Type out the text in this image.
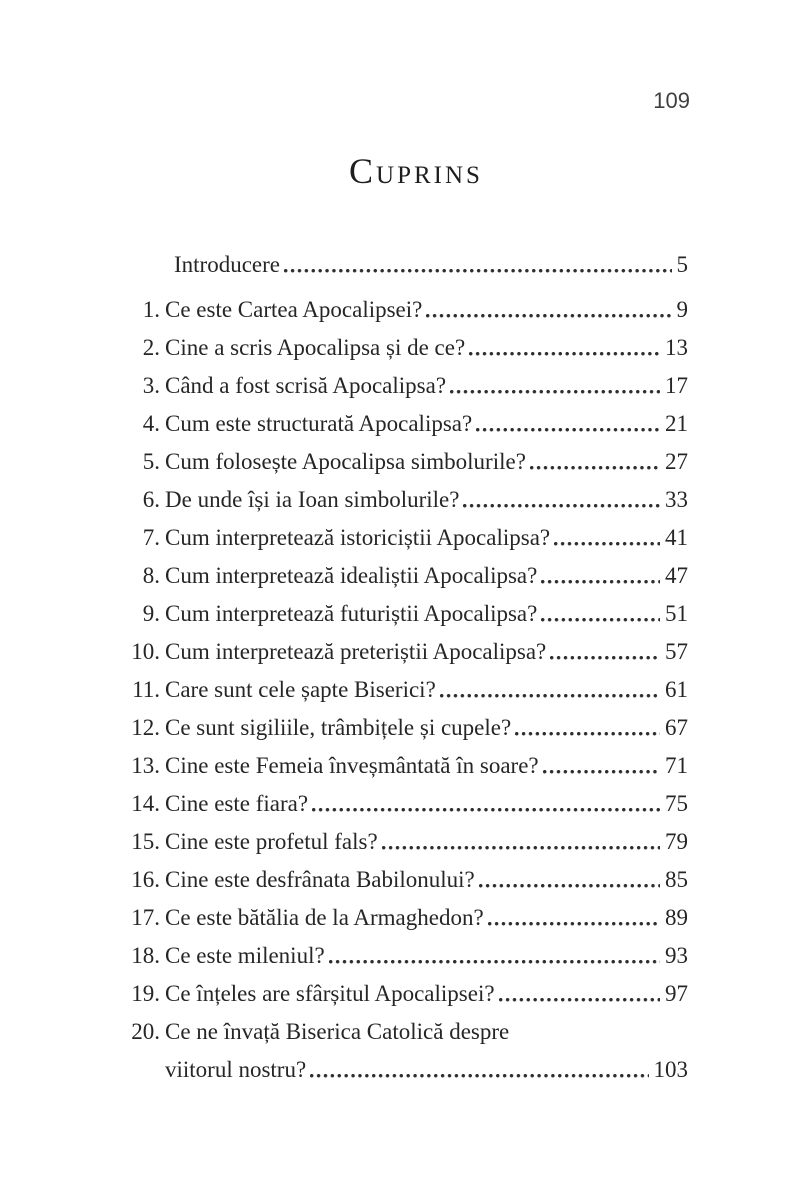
109
Cuprins
Introducere	5
1. Ce este Cartea Apocalipsei?	9
2. Cine a scris Apocalipsa și de ce?	13
3. Când a fost scrisă Apocalipsa?	17
4. Cum este structurată Apocalipsa?	21
5. Cum folosește Apocalipsa simbolurile?	27
6. De unde își ia Ioan simbolurile?	33
7. Cum interpretează istoriciștii Apocalipsa?	41
8. Cum interpretează idealiștii Apocalipsa?	47
9. Cum interpretează futuriștii Apocalipsa?	51
10. Cum interpretează preteriștii Apocalipsa?	57
11. Care sunt cele șapte Biserici?	61
12. Ce sunt sigiliile, trâmbițele și cupele?	67
13. Cine este Femeia înveșmântată în soare?	71
14. Cine este fiara?	75
15. Cine este profetul fals?	79
16. Cine este desfrânata Babilonului?	85
17. Ce este bătălia de la Armaghedon?	89
18. Ce este mileniul?	93
19. Ce înțeles are sfârșitul Apocalipsei?	97
20. Ce ne învață Biserica Catolică despre
viitorul nostru?	103
